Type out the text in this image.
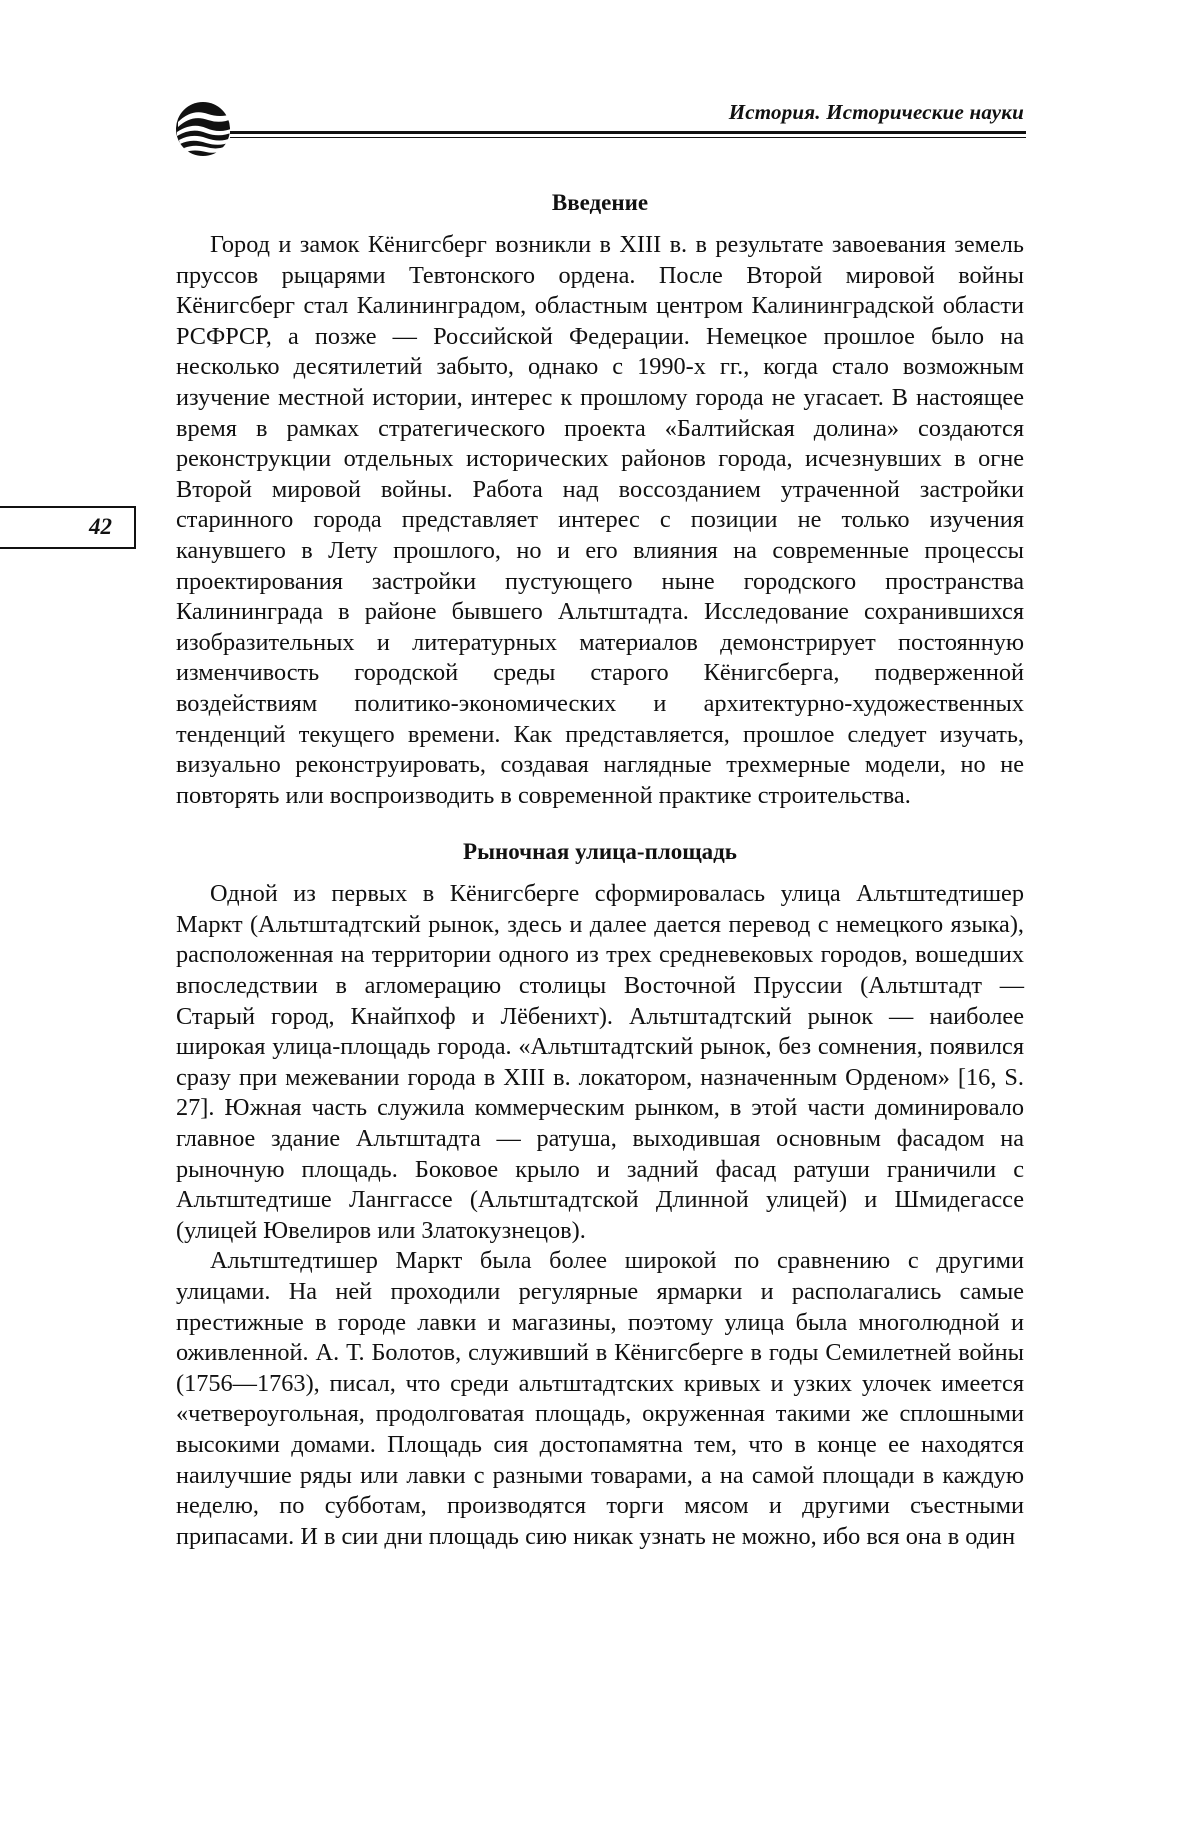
История. Исторические науки
42
Введение

Город и замок Кёнигсберг возникли в XIII в. в результате завоевания земель пруссов рыцарями Тевтонского ордена. После Второй мировой войны Кёнигсберг стал Калининградом, областным центром Калининградской области РСФРСР, а позже — Российской Федерации. Немецкое прошлое было на несколько десятилетий забыто, однако с 1990-х гг., когда стало возможным изучение местной истории, интерес к прошлому города не угасает. В настоящее время в рамках стратегического проекта «Балтийская долина» создаются реконструкции отдельных исторических районов города, исчезнувших в огне Второй мировой войны. Работа над воссозданием утраченной застройки старинного города представляет интерес с позиции не только изучения канувшего в Лету прошлого, но и его влияния на современные процессы проектирования застройки пустующего ныне городского пространства Калининграда в районе бывшего Альтштадта. Исследование сохранившихся изобразительных и литературных материалов демонстрирует постоянную изменчивость городской среды старого Кёнигсберга, подверженной воздействиям политико-экономических и архитектурно-художественных тенденций текущего времени. Как представляется, прошлое следует изучать, визуально реконструировать, создавая наглядные трехмерные модели, но не повторять или воспроизводить в современной практике строительства.

Рыночная улица-площадь

Одной из первых в Кёнигсберге сформировалась улица Альтштедтишер Маркт (Альтштадтский рынок, здесь и далее дается перевод с немецкого языка), расположенная на территории одного из трех средневековых городов, вошедших впоследствии в агломерацию столицы Восточной Пруссии (Альтштадт — Старый город, Кнайпхоф и Лёбенихт). Альтштадтский рынок — наиболее широкая улица-площадь города. «Альтштадтский рынок, без сомнения, появился сразу при межевании города в XIII в. локатором, назначенным Орденом» [16, S. 27]. Южная часть служила коммерческим рынком, в этой части доминировало главное здание Альтштадта — ратуша, выходившая основным фасадом на рыночную площадь. Боковое крыло и задний фасад ратуши граничили с Альтштедтише Ланггассе (Альтштадтской Длинной улицей) и Шмидегассе (улицей Ювелиров или Златокузнецов).

Альтштедтишер Маркт была более широкой по сравнению с другими улицами. На ней проходили регулярные ярмарки и располагались самые престижные в городе лавки и магазины, поэтому улица была многолюдной и оживленной. А. Т. Болотов, служивший в Кёнигсберге в годы Семилетней войны (1756—1763), писал, что среди альтштадтских кривых и узких улочек имеется «четвероугольная, продолговатая площадь, окруженная такими же сплошными высокими домами. Площадь сия достопамятна тем, что в конце ее находятся наилучшие ряды или лавки с разными товарами, а на самой площади в каждую неделю, по субботам, производятся торги мясом и другими съестными припасами. И в сии дни площадь сию никак узнать не можно, ибо вся она в один
